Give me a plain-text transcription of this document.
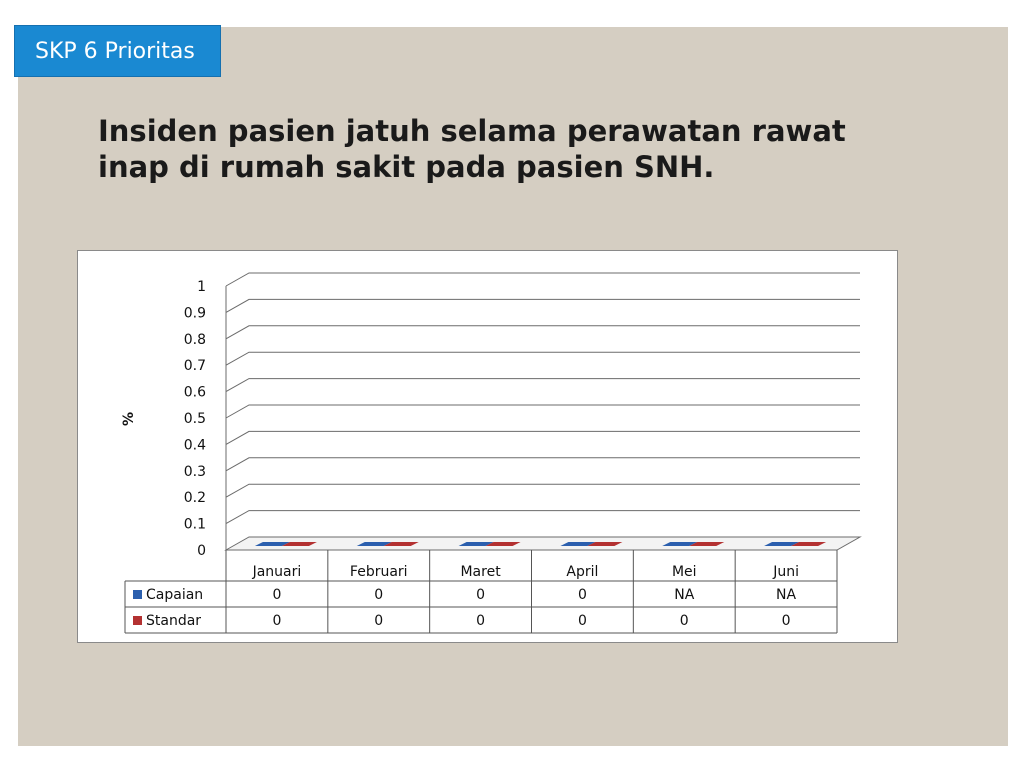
SKP 6 Prioritas
Insiden pasien jatuh selama perawatan rawat
inap di rumah sakit pada pasien SNH.
0
0.1
0.2
0.3
0.4
0.5
0.6
0.7
0.8
0.9
1
%
Januari	Februari	Maret	April	Mei	Juni
Capaian	0	0	0	0	NA	NA
Standar	0	0	0	0	0	0
